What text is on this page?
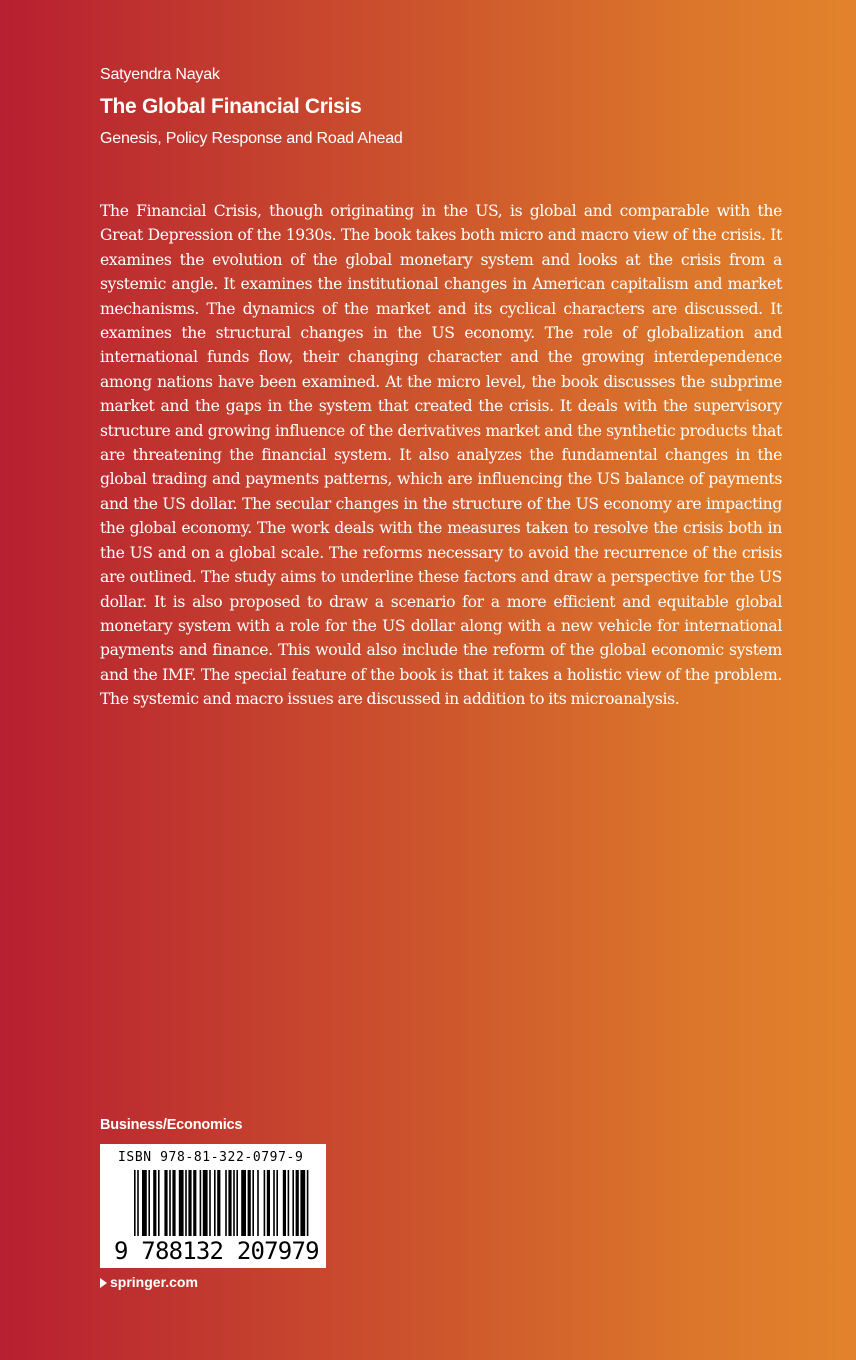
Satyendra Nayak
The Global Financial Crisis
Genesis, Policy Response and Road Ahead

The Financial Crisis, though originating in the US, is global and comparable with the Great Depression of the 1930s. The book takes both micro and macro view of the crisis. It examines the evolution of the global monetary system and looks at the crisis from a systemic angle. It examines the institutional changes in American capitalism and market mechanisms. The dynamics of the market and its cyclical characters are discussed. It examines the structural changes in the US economy. The role of globalization and international funds flow, their changing character and the growing interdependence among nations have been examined. At the micro level, the book discusses the subprime market and the gaps in the system that created the crisis. It deals with the supervisory structure and growing influence of the derivatives market and the synthetic products that are threatening the financial system. It also analyzes the fundamental changes in the global trading and payments patterns, which are influencing the US balance of payments and the US dollar. The secular changes in the structure of the US economy are impacting the global economy. The work deals with the measures taken to resolve the crisis both in the US and on a global scale. The reforms necessary to avoid the recurrence of the crisis are outlined. The study aims to underline these factors and draw a perspective for the US dollar. It is also proposed to draw a scenario for a more efficient and equitable global monetary system with a role for the US dollar along with a new vehicle for international payments and finance. This would also include the reform of the global economic system and the IMF. The special feature of the book is that it takes a holistic view of the problem. The systemic and macro issues are discussed in addition to its microanalysis.

Business/Economics
ISBN 978-81-322-0797-9
9 788132 207979
springer.com
